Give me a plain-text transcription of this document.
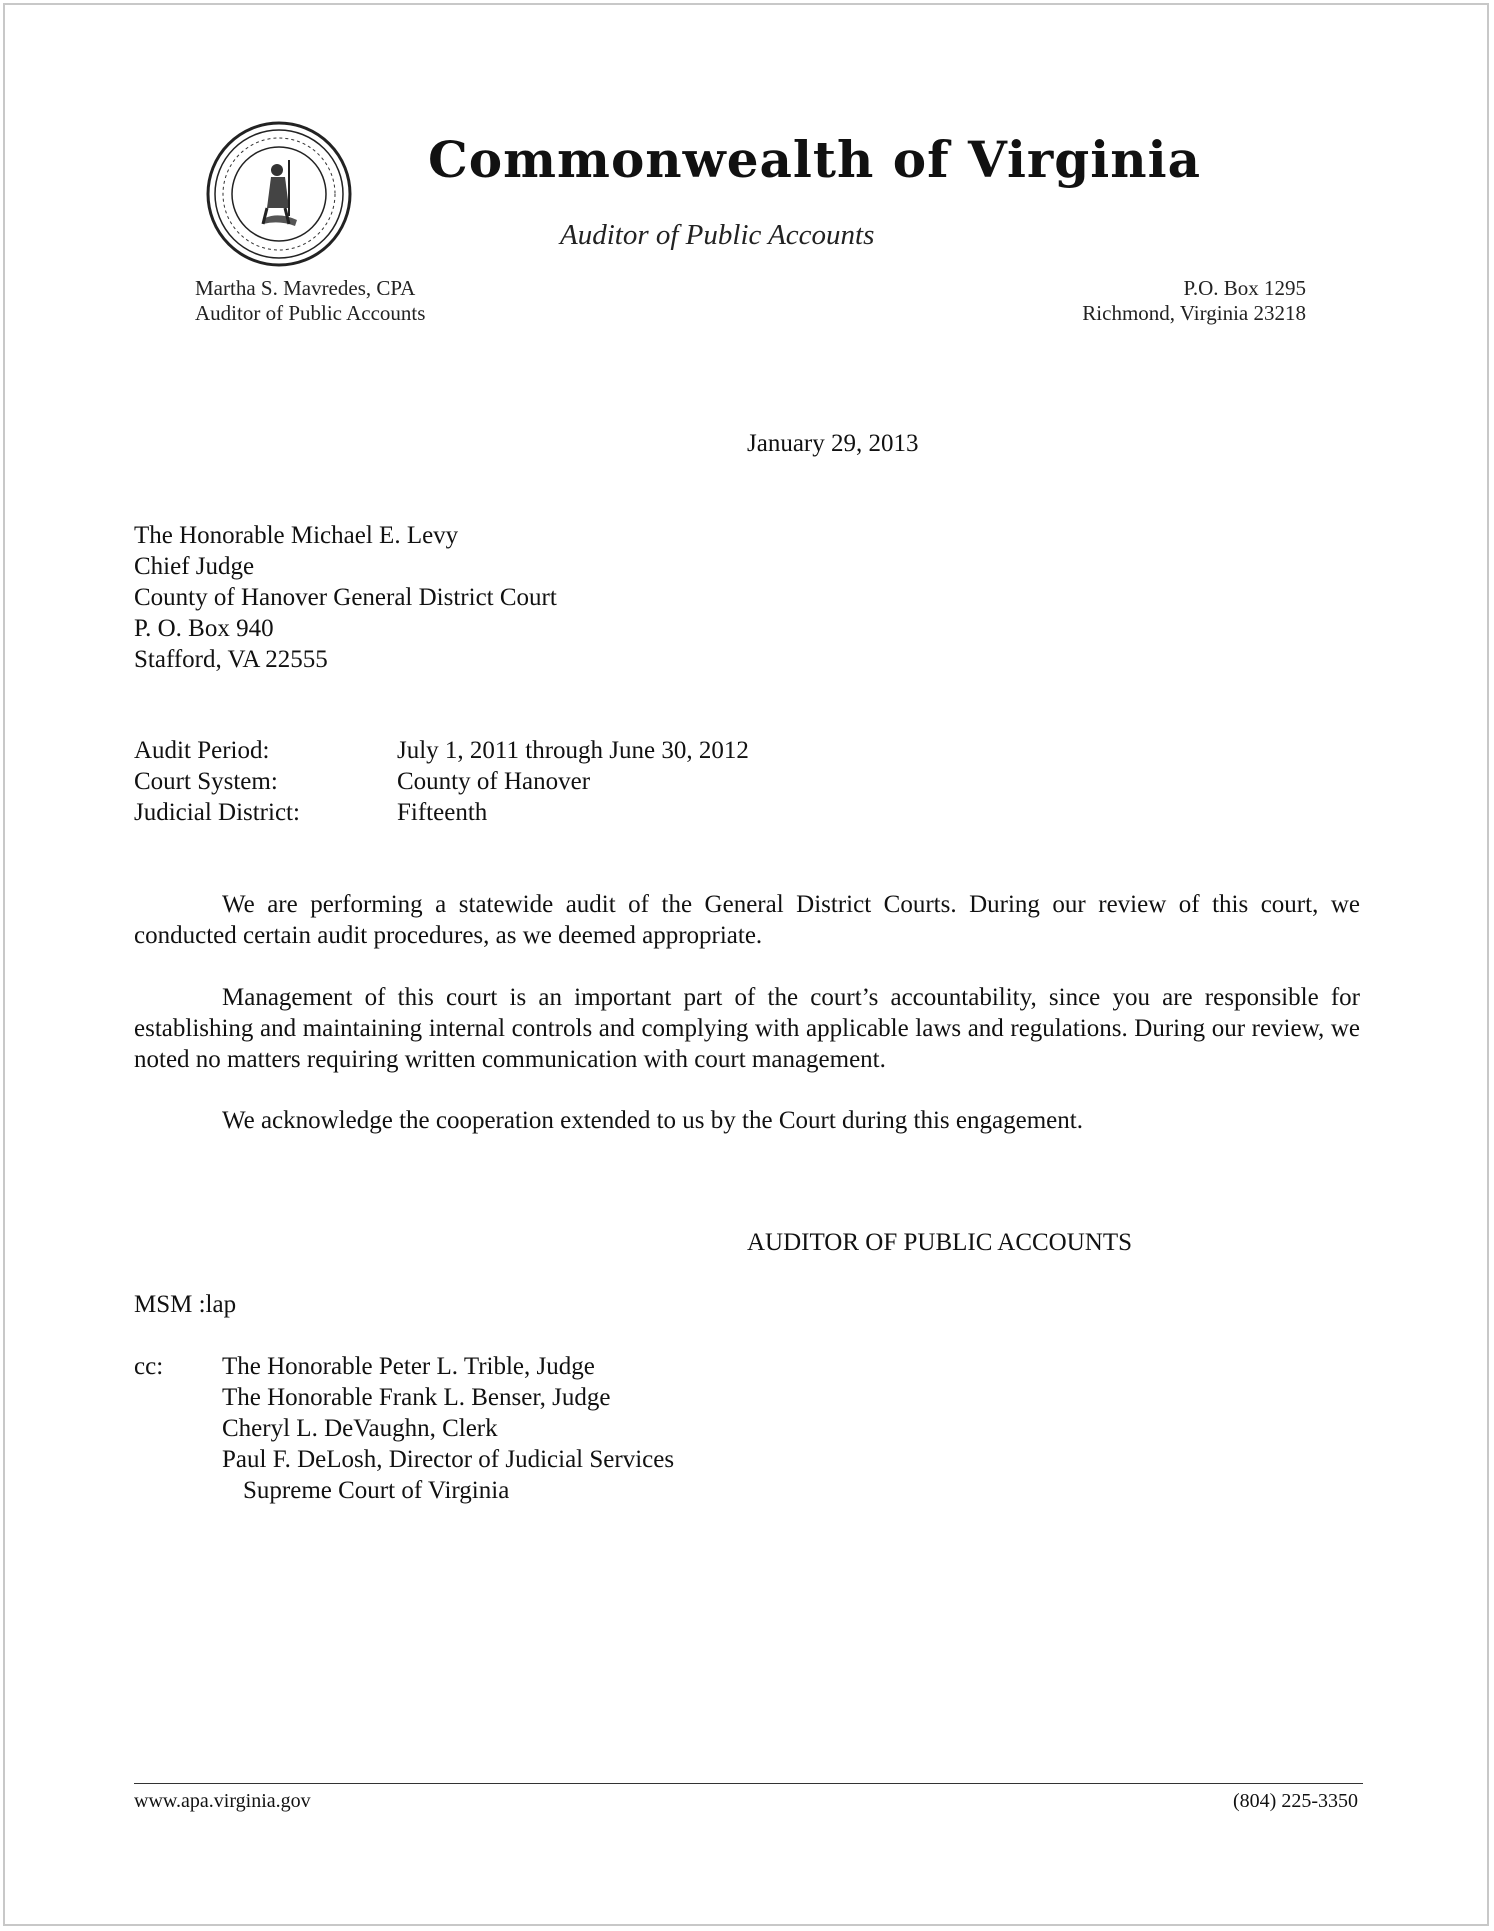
Commonwealth of Virginia
Auditor of Public Accounts
Martha S. Mavredes, CPA
Auditor of Public Accounts
P.O. Box 1295
Richmond, Virginia 23218
January 29, 2013
The Honorable Michael E. Levy
Chief Judge
County of Hanover General District Court
P. O. Box 940
Stafford, VA 22555
Audit Period:	July 1, 2011 through June 30, 2012
Court System:	County of Hanover
Judicial District:	Fifteenth
We are performing a statewide audit of the General District Courts. During our review of this court, we conducted certain audit procedures, as we deemed appropriate.
Management of this court is an important part of the court’s accountability, since you are responsible for establishing and maintaining internal controls and complying with applicable laws and regulations. During our review, we noted no matters requiring written communication with court management.
We acknowledge the cooperation extended to us by the Court during this engagement.
AUDITOR OF PUBLIC ACCOUNTS
MSM :lap
cc: The Honorable Peter L. Trible, Judge
The Honorable Frank L. Benser, Judge
Cheryl L. DeVaughn, Clerk
Paul F. DeLosh, Director of Judicial Services
Supreme Court of Virginia
www.apa.virginia.gov	(804) 225-3350
